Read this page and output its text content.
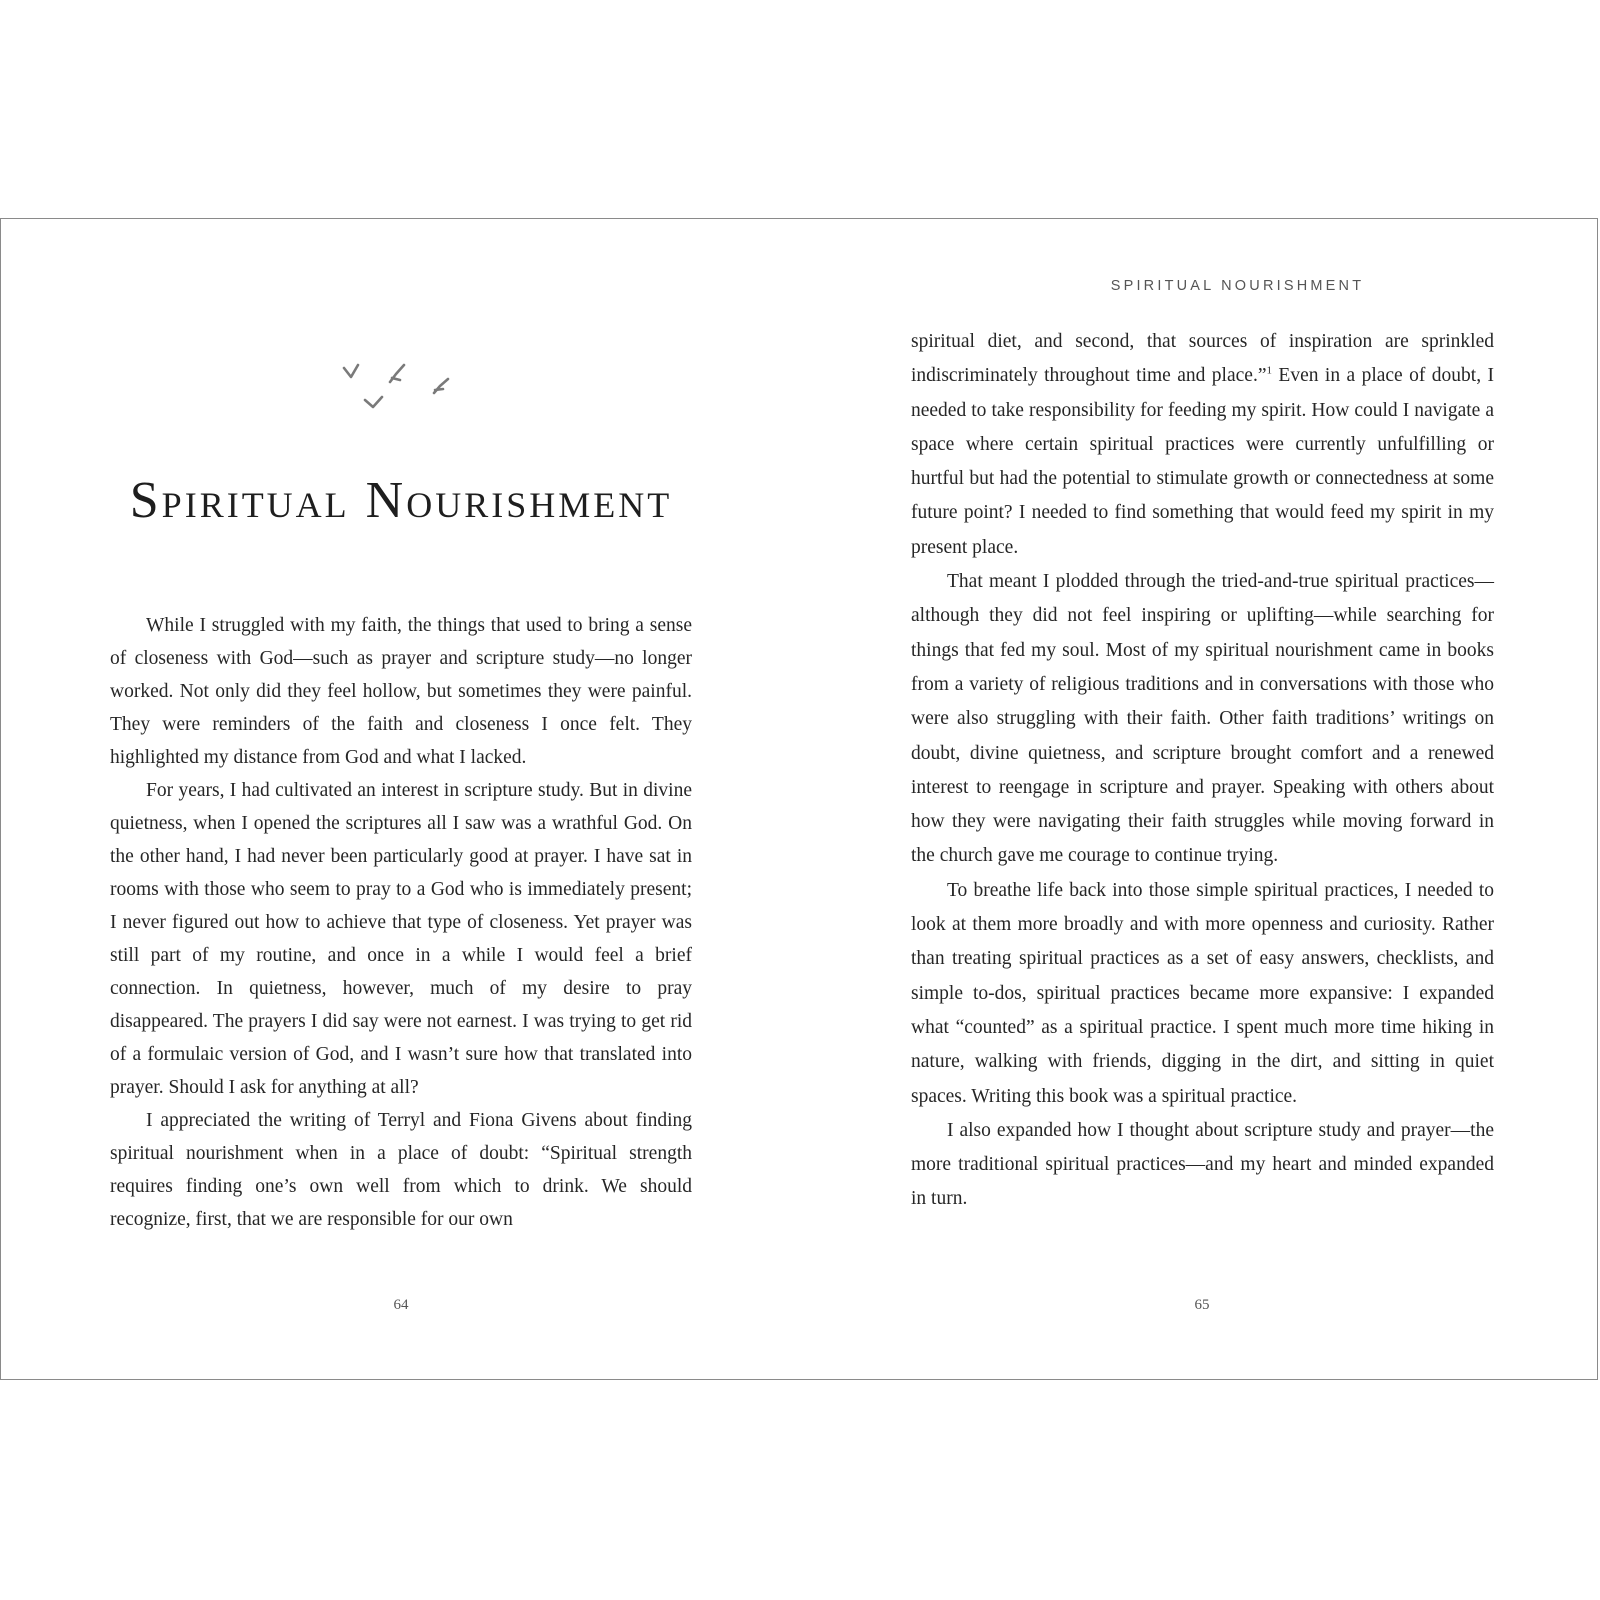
Spiritual Nourishment

While I struggled with my faith, the things that used to bring a sense of closeness with God—such as prayer and scripture study—no longer worked. Not only did they feel hollow, but sometimes they were painful. They were reminders of the faith and closeness I once felt. They highlighted my distance from God and what I lacked.

For years, I had cultivated an interest in scripture study. But in divine quietness, when I opened the scriptures all I saw was a wrathful God. On the other hand, I had never been particularly good at prayer. I have sat in rooms with those who seem to pray to a God who is immediately present; I never figured out how to achieve that type of closeness. Yet prayer was still part of my routine, and once in a while I would feel a brief connection. In quietness, however, much of my desire to pray disappeared. The prayers I did say were not earnest. I was trying to get rid of a formulaic version of God, and I wasn’t sure how that translated into prayer. Should I ask for anything at all?

I appreciated the writing of Terryl and Fiona Givens about finding spiritual nourishment when in a place of doubt: “Spiritual strength requires finding one’s own well from which to drink. We should recognize, first, that we are responsible for our own

64
SPIRITUAL NOURISHMENT

spiritual diet, and second, that sources of inspiration are sprinkled indiscriminately throughout time and place.”$^1$ Even in a place of doubt, I needed to take responsibility for feeding my spirit. How could I navigate a space where certain spiritual practices were currently unfulfilling or hurtful but had the potential to stimulate growth or connectedness at some future point? I needed to find something that would feed my spirit in my present place.

That meant I plodded through the tried-and-true spiritual practices—although they did not feel inspiring or uplifting—while searching for things that fed my soul. Most of my spiritual nourishment came in books from a variety of religious traditions and in conversations with those who were also struggling with their faith. Other faith traditions’ writings on doubt, divine quietness, and scripture brought comfort and a renewed interest to reengage in scripture and prayer. Speaking with others about how they were navigating their faith struggles while moving forward in the church gave me courage to continue trying.

To breathe life back into those simple spiritual practices, I needed to look at them more broadly and with more openness and curiosity. Rather than treating spiritual practices as a set of easy answers, checklists, and simple to-dos, spiritual practices became more expansive: I expanded what “counted” as a spiritual practice. I spent much more time hiking in nature, walking with friends, digging in the dirt, and sitting in quiet spaces. Writing this book was a spiritual practice.

I also expanded how I thought about scripture study and prayer—the more traditional spiritual practices—and my heart and minded expanded in turn.

65
